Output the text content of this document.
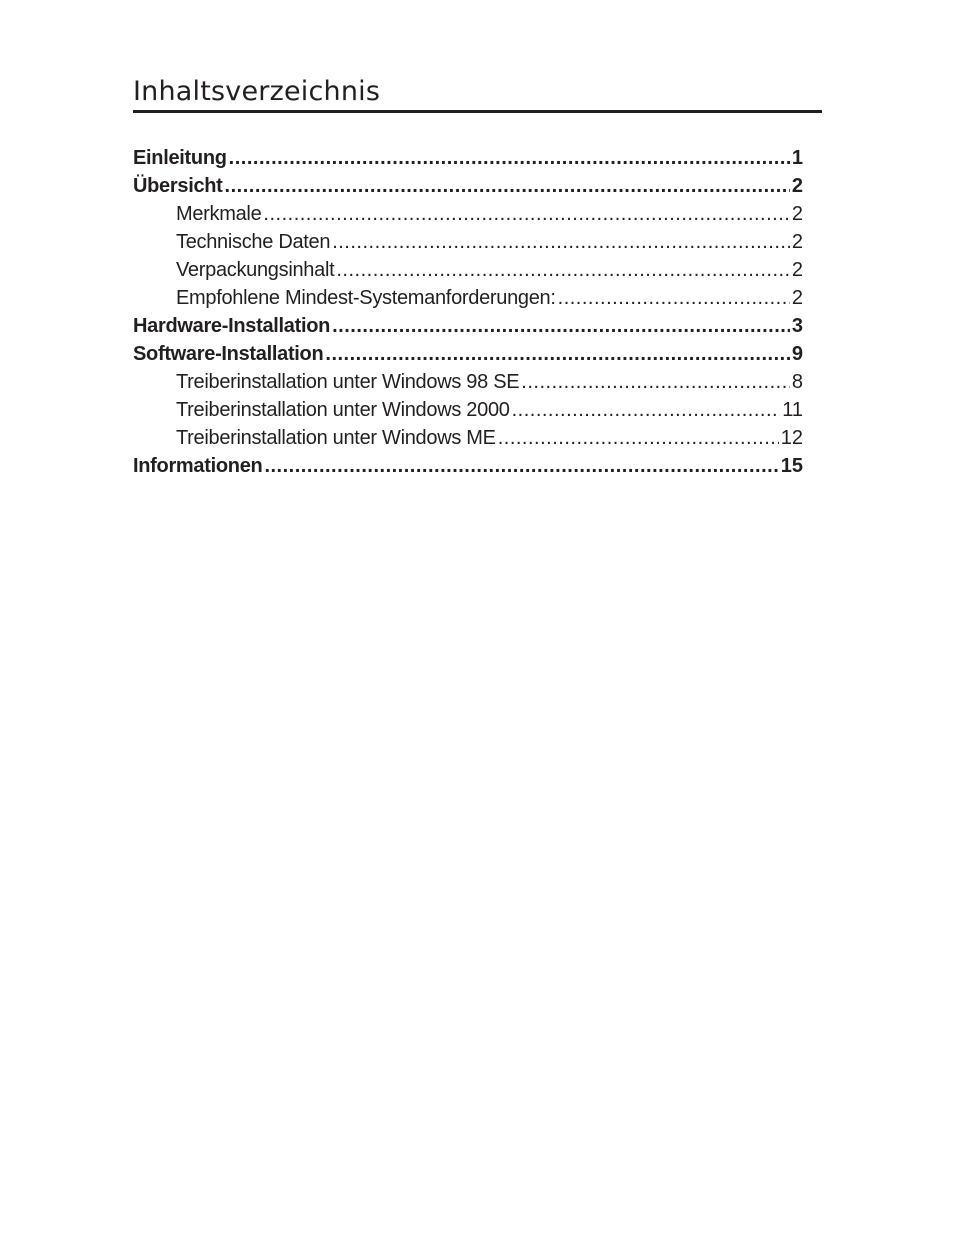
Inhaltsverzeichnis
Einleitung .....	1
Übersicht .....	2
Merkmale .....	2
Technische Daten .....	2
Verpackungsinhalt .....	2
Empfohlene Mindest-Systemanforderungen: .....	2
Hardware-Installation .....	3
Software-Installation .....	9
Treiberinstallation unter Windows 98 SE .....	8
Treiberinstallation unter Windows 2000 .....	11
Treiberinstallation unter Windows ME .....	12
Informationen .....	15
